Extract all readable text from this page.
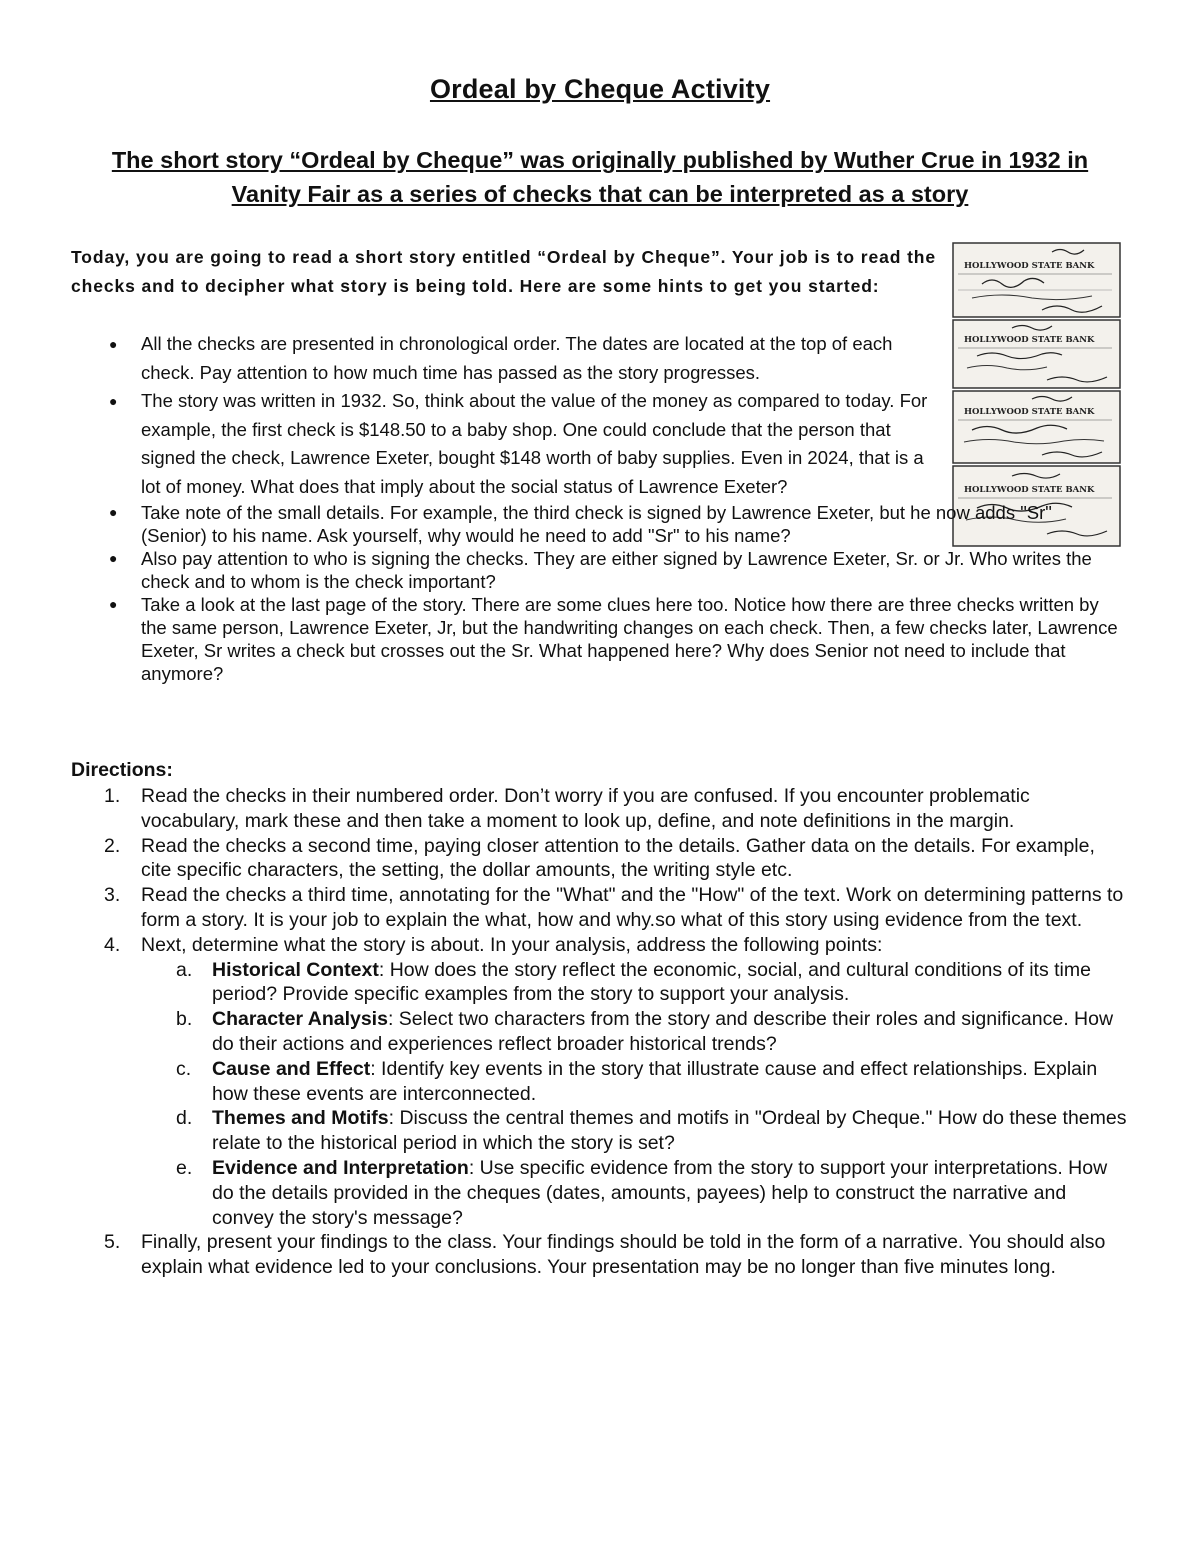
Ordeal by Cheque Activity
The short story “Ordeal by Cheque” was originally published by Wuther Crue in 1932 in Vanity Fair as a series of checks that can be interpreted as a story

Today, you are going to read a short story entitled “Ordeal by Cheque”. Your job is to read the checks and to decipher what story is being told. Here are some hints to get you started:

HOLLYWOOD STATE BANK
HOLLYWOOD STATE BANK
HOLLYWOOD STATE BANK
HOLLYWOOD STATE BANK
● All the checks are presented in chronological order. The dates are located at the top of each check. Pay attention to how much time has passed as the story progresses.
● The story was written in 1932. So, think about the value of the money as compared to today. For example, the first check is $148.50 to a baby shop. One could conclude that the person that signed the check, Lawrence Exeter, bought $148 worth of baby supplies. Even in 2024, that is a lot of money. What does that imply about the social status of Lawrence Exeter?
● Take note of the small details. For example, the third check is signed by Lawrence Exeter, but he now adds "Sr" (Senior) to his name. Ask yourself, why would he need to add "Sr" to his name?
● Also pay attention to who is signing the checks. They are either signed by Lawrence Exeter, Sr. or Jr. Who writes the check and to whom is the check important?
● Take a look at the last page of the story. There are some clues here too. Notice how there are three checks written by the same person, Lawrence Exeter, Jr, but the handwriting changes on each check. Then, a few checks later, Lawrence Exeter, Sr writes a check but crosses out the Sr. What happened here? Why does Senior not need to include that anymore?
Directions:
1. Read the checks in their numbered order. Don’t worry if you are confused. If you encounter problematic vocabulary, mark these and then take a moment to look up, define, and note definitions in the margin.
2. Read the checks a second time, paying closer attention to the details. Gather data on the details. For example, cite specific characters, the setting, the dollar amounts, the writing style etc.
3. Read the checks a third time, annotating for the "What" and the "How" of the text. Work on determining patterns to form a story. It is your job to explain the what, how and why.so what of this story using evidence from the text.
4. Next, determine what the story is about. In your analysis, address the following points:
a. Historical Context: How does the story reflect the economic, social, and cultural conditions of its time period? Provide specific examples from the story to support your analysis.
b. Character Analysis: Select two characters from the story and describe their roles and significance. How do their actions and experiences reflect broader historical trends?
c. Cause and Effect: Identify key events in the story that illustrate cause and effect relationships. Explain how these events are interconnected.
d. Themes and Motifs: Discuss the central themes and motifs in "Ordeal by Cheque." How do these themes relate to the historical period in which the story is set?
e. Evidence and Interpretation: Use specific evidence from the story to support your interpretations. How do the details provided in the cheques (dates, amounts, payees) help to construct the narrative and convey the story's message?
5. Finally, present your findings to the class. Your findings should be told in the form of a narrative. You should also explain what evidence led to your conclusions. Your presentation may be no longer than five minutes long.
